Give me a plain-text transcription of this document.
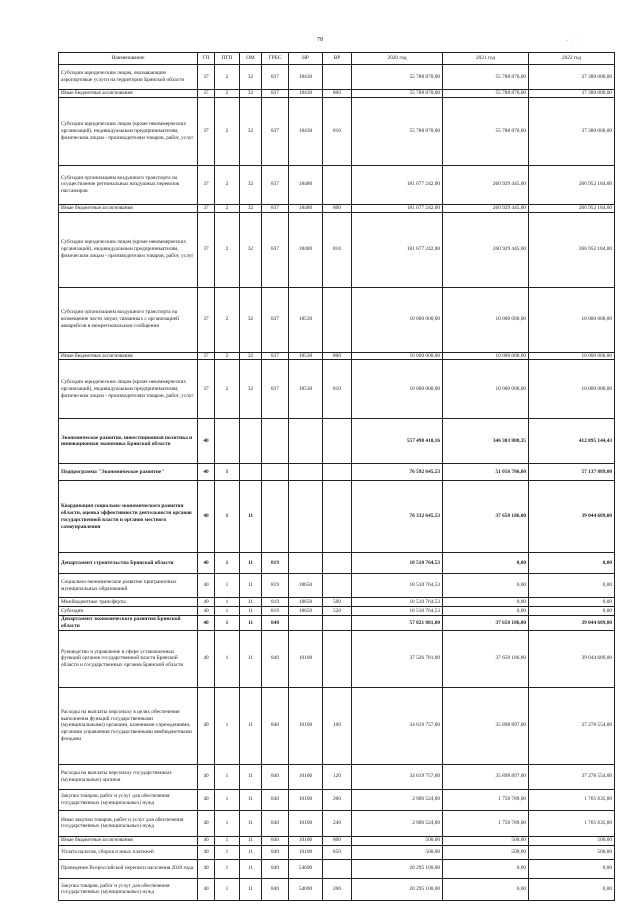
78	- · ·
Наименование	ГП	ПГП	ОМ	ГРБС	НР	ВР	2020 год	2021 год	2022 год
Субсидии юридическим лицам, оказывающим аэропортовые услуги на территории Брянской области	37	2	32	837	18430		55 788 870,00	55 788 870,00	37 380 000,00
Иные бюджетные ассигнования	37	2	32	837	18430	800	55 788 870,00	55 788 870,00	37 380 000,00
Субсидии юридическим лицам (кроме некоммерческих организаций), индивидуальным предпринимателям, физическим лицам - производителям товаров, работ, услуг	37	2	32	837	18430	810	55 788 870,00	55 788 870,00	37 380 000,00
Субсидии организациям воздушного транспорта на осуществление региональных воздушных перевозок пассажиров	37	2	32	837	18480		181 677 242,00	260 929 445,00	266 952 184,00
Иные бюджетные ассигнования	37	2	32	837	18480	800	181 677 242,00	260 929 445,00	266 952 184,00
Субсидии юридическим лицам (кроме некоммерческих организаций), индивидуальным предпринимателям, физическим лицам - производителям товаров, работ, услуг	37	2	32	837	18480	810	181 677 242,00	260 929 445,00	266 952 184,00
Субсидии организациям воздушного транспорта на возмещение части затрат, связанных с организацией авиарейсов в межрегиональном сообщении	37	2	32	837	18530		10 000 000,00	10 000 000,00	10 000 000,00
Иные бюджетные ассигнования	37	2	32	837	18530	800	10 000 000,00	10 000 000,00	10 000 000,00
Субсидии юридическим лицам (кроме некоммерческих организаций), индивидуальным предпринимателям, физическим лицам - производителям товаров, работ, услуг	37	2	32	837	18530	810	10 000 000,00	10 000 000,00	10 000 000,00
Экономическое развитие, инвестиционная политика и инновационная экономика Брянской области	40						557 498 410,16	346 303 888,35	412 895 144,43
Подпрограмма "Экономическое развитие"	40	1					76 592 645,53	51 056 786,00	57 137 889,00
Координация социально-экономического развития области, оценка эффективности деятельности органов государственной власти и органов местного самоуправления	40	1	11				76 332 645,53	37 650 186,00	39 044 689,00
Департамент строительства Брянской области	40	1	11	819			18 510 764,53	0,00	0,00
Социально-экономическое развитие приграничных муниципальных образований	40	1	11	819	18650		18 510 764,53	0,00	0,00
Межбюджетные трансферты	40	1	11	819	18650	500	18 510 764,53	0,00	0,00
Субсидии	40	1	11	819	18650	520	18 510 764,53	0,00	0,00
Департамент экономического развития Брянской области	40	1	11	840			57 821 881,00	37 650 186,00	39 044 689,00
Руководство и управление в сфере установленных функций органов государственной власти Брянской области и государственных органов Брянской области	40	1	11	840	10100		37 526 781,00	37 650 186,00	39 044 689,00
Расходы на выплаты персоналу в целях обеспечения выполнения функций государственными (муниципальными) органами, казенными учреждениями, органами управления государственными внебюджетными фондами	40	1	11	840	10100	100	34 619 757,00	35 898 897,00	37 278 554,00
Расходы на выплаты персоналу государственных (муниципальных) органов	40	1	11	840	10100	120	34 619 757,00	35 898 897,00	37 278 554,00
Закупка товаров, работ и услуг для обеспечения государственных (муниципальных) нужд	40	1	11	840	10100	200	2 906 524,00	1 750 789,00	1 765 635,00
Иные закупки товаров, работ и услуг для обеспечения государственных (муниципальных) нужд	40	1	11	840	10100	240	2 906 524,00	1 750 789,00	1 765 635,00
Иные бюджетные ассигнования	40	1	11	840	10100	800	500,00	500,00	500,00
Уплата налогов, сборов и иных платежей	40	1	11	840	10100	850	500,00	500,00	500,00
Проведение Всероссийской переписи населения 2020 года	40	1	11	840	54690		20 295 100,00	0,00	0,00
Закупка товаров, работ и услуг для обеспечения государственных (муниципальных) нужд	40	1	11	840	54690	200	20 295 100,00	0,00	0,00
